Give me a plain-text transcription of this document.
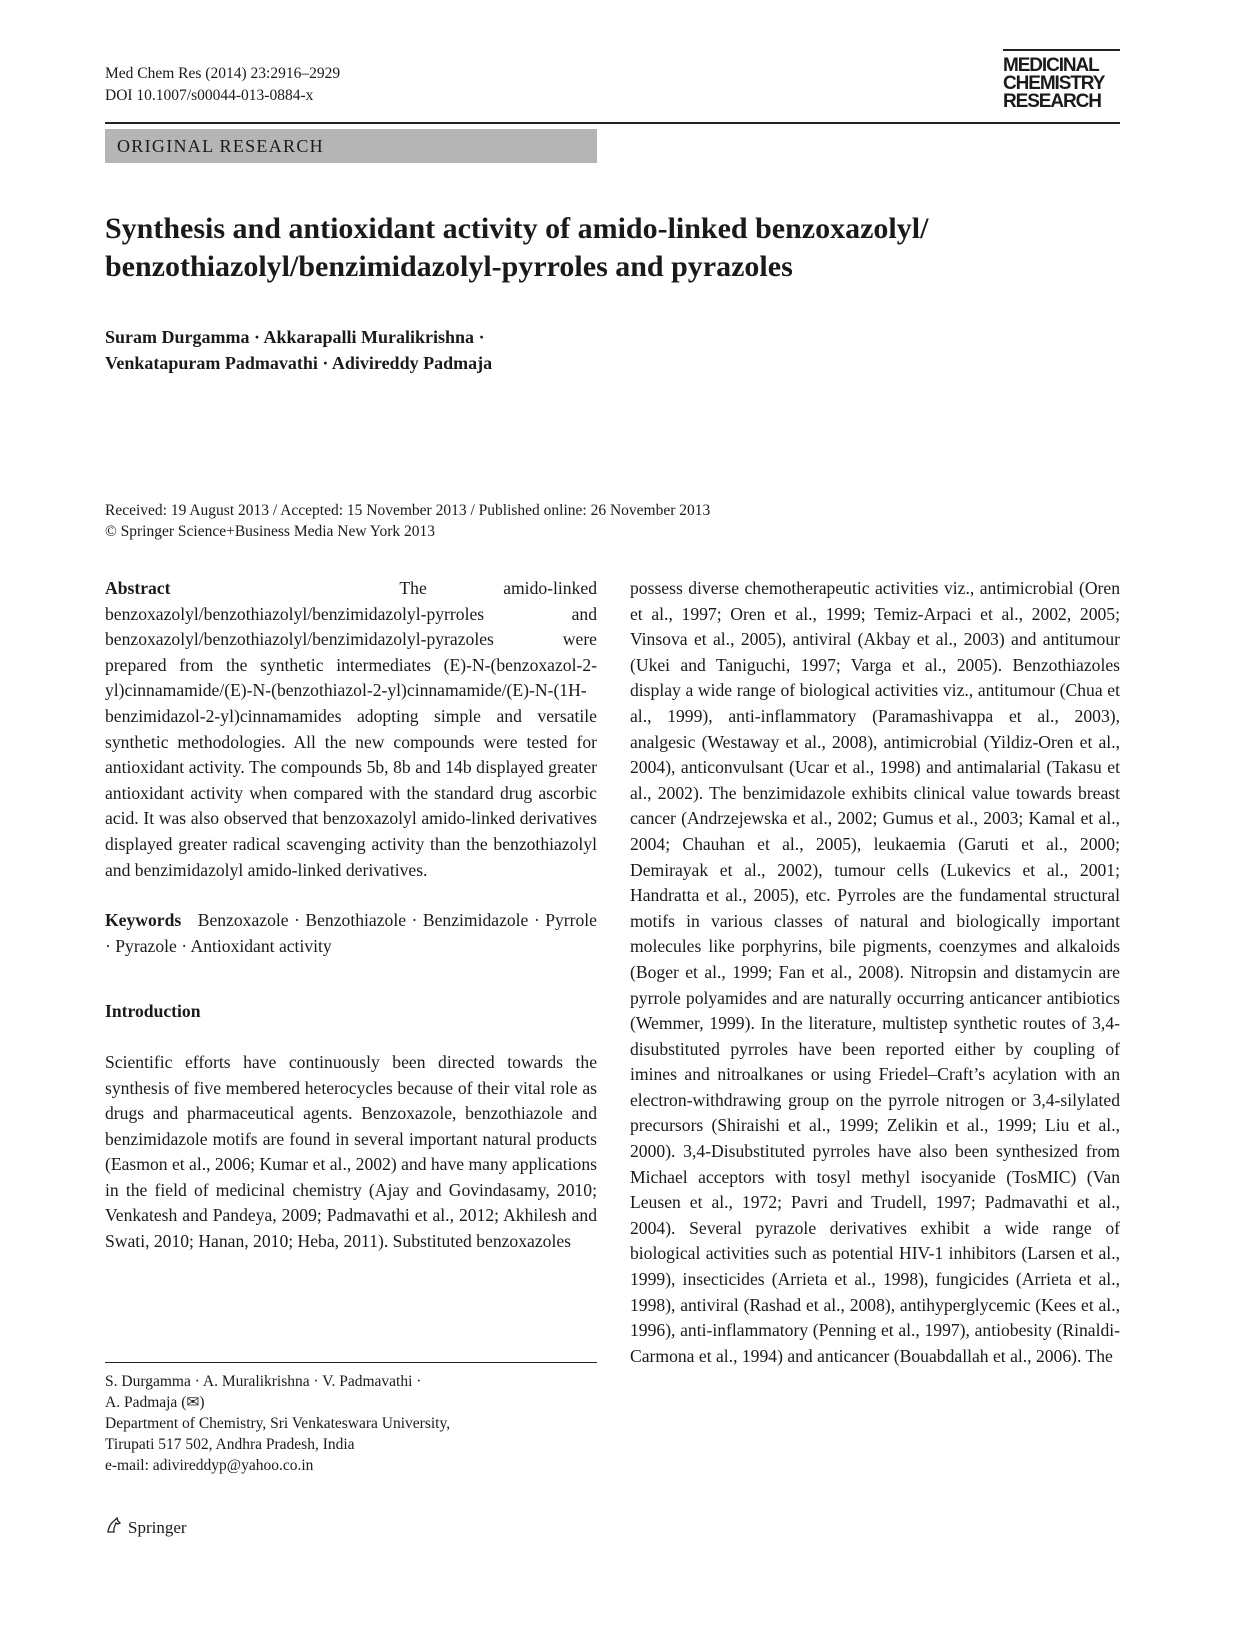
Med Chem Res (2014) 23:2916–2929
DOI 10.1007/s00044-013-0884-x
MEDICINAL
CHEMISTRY
RESEARCH
ORIGINAL RESEARCH
Synthesis and antioxidant activity of amido-linked benzoxazolyl/
benzothiazolyl/benzimidazolyl-pyrroles and pyrazoles
Suram Durgamma · Akkarapalli Muralikrishna ·
Venkatapuram Padmavathi · Adivireddy Padmaja
Received: 19 August 2013 / Accepted: 15 November 2013 / Published online: 26 November 2013
© Springer Science+Business Media New York 2013

Abstract	The amido-linked benzoxazolyl/benzothiazolyl/benzimidazolyl-pyrroles and benzoxazolyl/benzothiazolyl/benzimidazolyl-pyrazoles were prepared from the synthetic intermediates (E)-N-(benzoxazol-2-yl)cinnamamide/(E)-N-(benzothiazol-2-yl)cinnamamide/(E)-N-(1H-benzimidazol-2-yl)cinnamamides adopting simple and versatile synthetic methodologies. All the new compounds were tested for antioxidant activity. The compounds 5b, 8b and 14b displayed greater antioxidant activity when compared with the standard drug ascorbic acid. It was also observed that benzoxazolyl amido-linked derivatives displayed greater radical scavenging activity than the benzothiazolyl and benzimidazolyl amido-linked derivatives.

Keywords Benzoxazole · Benzothiazole · Benzimidazole · Pyrrole · Pyrazole · Antioxidant activity

Introduction

Scientific efforts have continuously been directed towards the synthesis of five membered heterocycles because of their vital role as drugs and pharmaceutical agents. Benzoxazole, benzothiazole and benzimidazole motifs are found in several important natural products (Easmon et al., 2006; Kumar et al., 2002) and have many applications in the field of medicinal chemistry (Ajay and Govindasamy, 2010; Venkatesh and Pandeya, 2009; Padmavathi et al., 2012; Akhilesh and Swati, 2010; Hanan, 2010; Heba, 2011). Substituted benzoxazoles

possess diverse chemotherapeutic activities viz., antimicrobial (Oren et al., 1997; Oren et al., 1999; Temiz-Arpaci et al., 2002, 2005; Vinsova et al., 2005), antiviral (Akbay et al., 2003) and antitumour (Ukei and Taniguchi, 1997; Varga et al., 2005). Benzothiazoles display a wide range of biological activities viz., antitumour (Chua et al., 1999), anti-inflammatory (Paramashivappa et al., 2003), analgesic (Westaway et al., 2008), antimicrobial (Yildiz-Oren et al., 2004), anticonvulsant (Ucar et al., 1998) and antimalarial (Takasu et al., 2002). The benzimidazole exhibits clinical value towards breast cancer (Andrzejewska et al., 2002; Gumus et al., 2003; Kamal et al., 2004; Chauhan et al., 2005), leukaemia (Garuti et al., 2000; Demirayak et al., 2002), tumour cells (Lukevics et al., 2001; Handratta et al., 2005), etc. Pyrroles are the fundamental structural motifs in various classes of natural and biologically important molecules like porphyrins, bile pigments, coenzymes and alkaloids (Boger et al., 1999; Fan et al., 2008). Nitropsin and distamycin are pyrrole polyamides and are naturally occurring anticancer antibiotics (Wemmer, 1999). In the literature, multistep synthetic routes of 3,4-disubstituted pyrroles have been reported either by coupling of imines and nitroalkanes or using Friedel–Craft’s acylation with an electron-withdrawing group on the pyrrole nitrogen or 3,4-silylated precursors (Shiraishi et al., 1999; Zelikin et al., 1999; Liu et al., 2000). 3,4-Disubstituted pyrroles have also been synthesized from Michael acceptors with tosyl methyl isocyanide (TosMIC) (Van Leusen et al., 1972; Pavri and Trudell, 1997; Padmavathi et al., 2004). Several pyrazole derivatives exhibit a wide range of biological activities such as potential HIV-1 inhibitors (Larsen et al., 1999), insecticides (Arrieta et al., 1998), fungicides (Arrieta et al., 1998), antiviral (Rashad et al., 2008), antihyperglycemic (Kees et al., 1996), anti-inflammatory (Penning et al., 1997), antiobesity (Rinaldi-Carmona et al., 1994) and anticancer (Bouabdallah et al., 2006). The

S. Durgamma · A. Muralikrishna · V. Padmavathi ·
A. Padmaja (✉)
Department of Chemistry, Sri Venkateswara University,
Tirupati 517 502, Andhra Pradesh, India
e-mail: adivireddyp@yahoo.co.in
Springer
